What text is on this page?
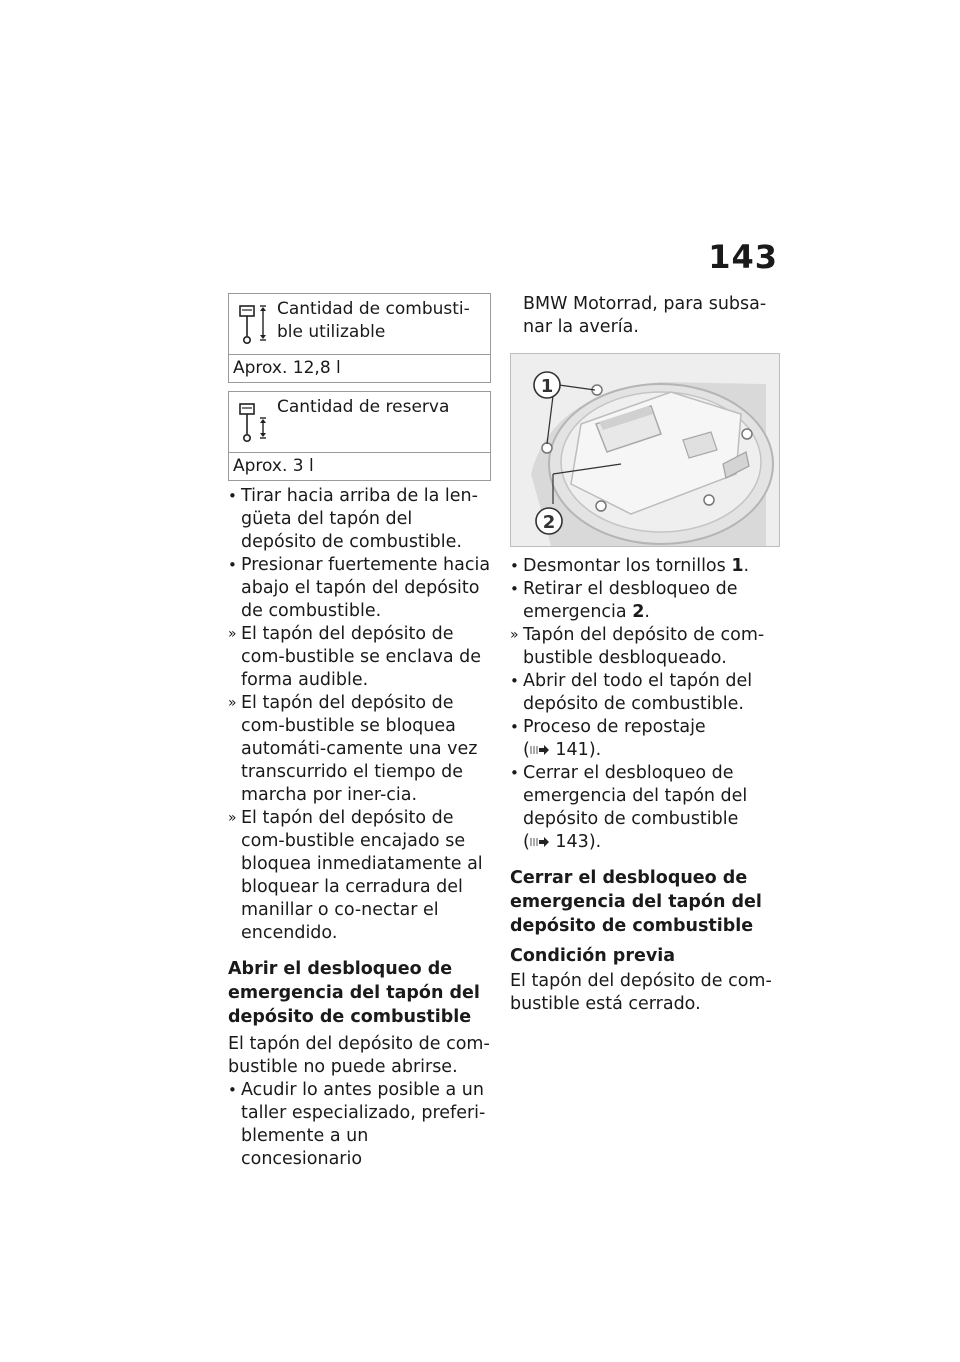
143
Cantidad de combusti-
ble utilizable
Aprox. 12,8 l
Cantidad de reserva
Aprox. 3 l
• Tirar hacia arriba de la len-güeta del tapón del depósito de combustible.
• Presionar fuertemente hacia abajo el tapón del depósito de combustible.
» El tapón del depósito de com-bustible se enclava de forma audible.
» El tapón del depósito de com-bustible se bloquea automáti-camente una vez transcurrido el tiempo de marcha por iner-cia.
» El tapón del depósito de com-bustible encajado se bloquea inmediatamente al bloquear la cerradura del manillar o co-nectar el encendido.
Abrir el desbloqueo de emergencia del tapón del depósito de combustible

El tapón del depósito de com-bustible no puede abrirse.

• Acudir lo antes posible a un taller especializado, preferi-blemente a un concesionario

BMW Motorrad, para subsa-nar la avería.

1
2
• Desmontar los tornillos 1.
• Retirar el desbloqueo de emergencia 2.
» Tapón del depósito de com-bustible desbloqueado.
• Abrir del todo el tapón del depósito de combustible.
• Proceso de repostaje
( 141).
• Cerrar el desbloqueo de emergencia del tapón del depósito de combustible
( 143).
Cerrar el desbloqueo de emergencia del tapón del depósito de combustible
Condición previa

El tapón del depósito de com-bustible está cerrado.
